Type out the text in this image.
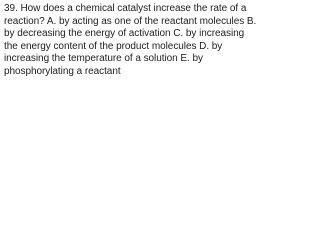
39. How does a chemical catalyst increase the rate of a reaction? A. by acting as one of the reactant molecules B. by decreasing the energy of activation C. by increasing the energy content of the product molecules D. by increasing the temperature of a solution E. by phosphorylating a reactant
